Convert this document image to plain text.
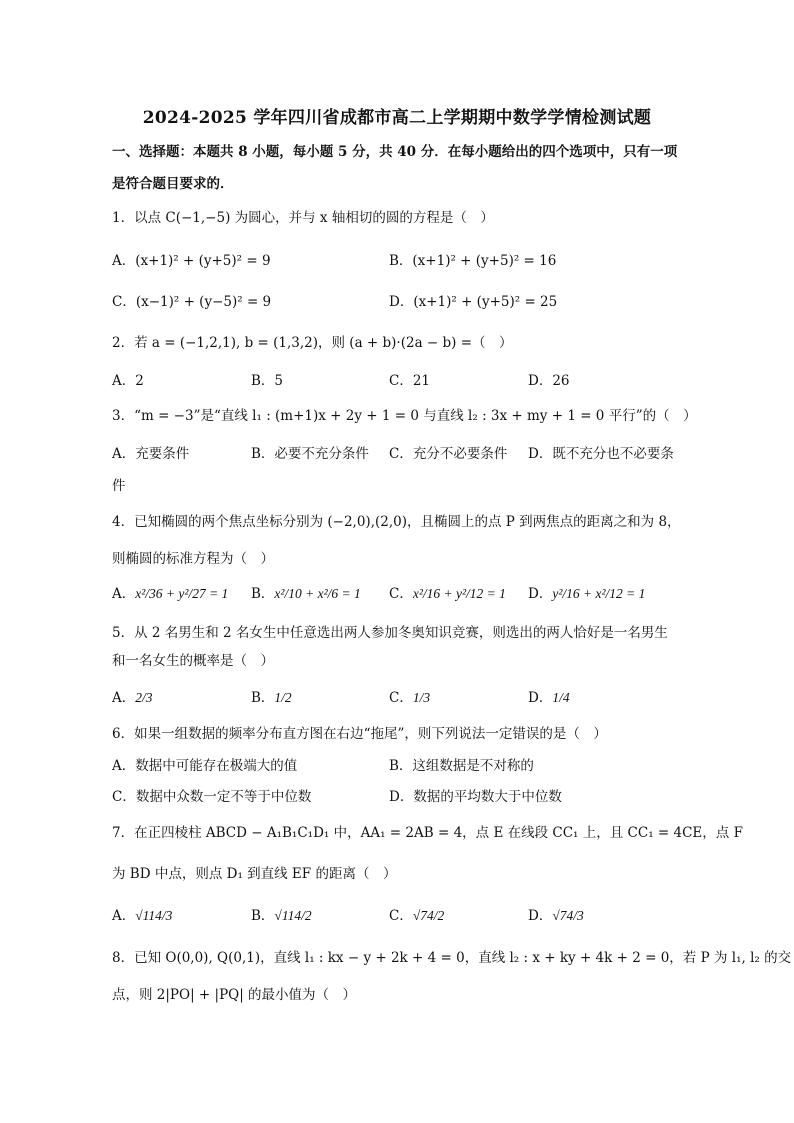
2024-2025 学年四川省成都市高二上学期期中数学学情检测试题
一、选择题：本题共 8 小题，每小题 5 分，共 40 分．在每小题给出的四个选项中，只有一项
是符合题目要求的．
1．以点 C(−1,−5) 为圆心，并与 x 轴相切的圆的方程是（　）
A．(x+1)² + (y+5)² = 9	B．(x+1)² + (y+5)² = 16
C．(x−1)² + (y−5)² = 9	D．(x+1)² + (y+5)² = 25
2．若 a = (−1,2,1), b = (1,3,2)，则 (a + b)·(2a − b) =（　）
A．2	B．5	C．21	D．26
3．“m = −3”是“直线 l₁ : (m+1)x + 2y + 1 = 0 与直线 l₂ : 3x + my + 1 = 0 平行”的（　）
A．充要条件	B．必要不充分条件 C．充分不必要条件 D．既不充分也不必要条
件
4．已知椭圆的两个焦点坐标分别为 (−2,0),(2,0)，且椭圆上的点 P 到两焦点的距离之和为 8，
则椭圆的标准方程为（　）
A．x²/36 + y²/27 = 1 B．x²/10 + x²/6 = 1 C．x²/16 + y²/12 = 1 D．y²/16 + x²/12 = 1
5．从 2 名男生和 2 名女生中任意选出两人参加冬奥知识竞赛，则选出的两人恰好是一名男生
和一名女生的概率是（　）
A．2/3	B．1/2	C．1/3	D．1/4
6．如果一组数据的频率分布直方图在右边“拖尾”，则下列说法一定错误的是（　）
A．数据中可能存在极端大的值	B．这组数据是不对称的
C．数据中众数一定不等于中位数	D．数据的平均数大于中位数
7．在正四棱柱 ABCD − A₁B₁C₁D₁ 中，AA₁ = 2AB = 4，点 E 在线段 CC₁ 上，且 CC₁ = 4CE，点 F
为 BD 中点，则点 D₁ 到直线 EF 的距离（　）
A．√114/3	B．√114/2	C．√74/2	D．√74/3
8．已知 O(0,0), Q(0,1)，直线 l₁ : kx − y + 2k + 4 = 0，直线 l₂ : x + ky + 4k + 2 = 0，若 P 为 l₁, l₂ 的交
点，则 2|PO| + |PQ| 的最小值为（　）
